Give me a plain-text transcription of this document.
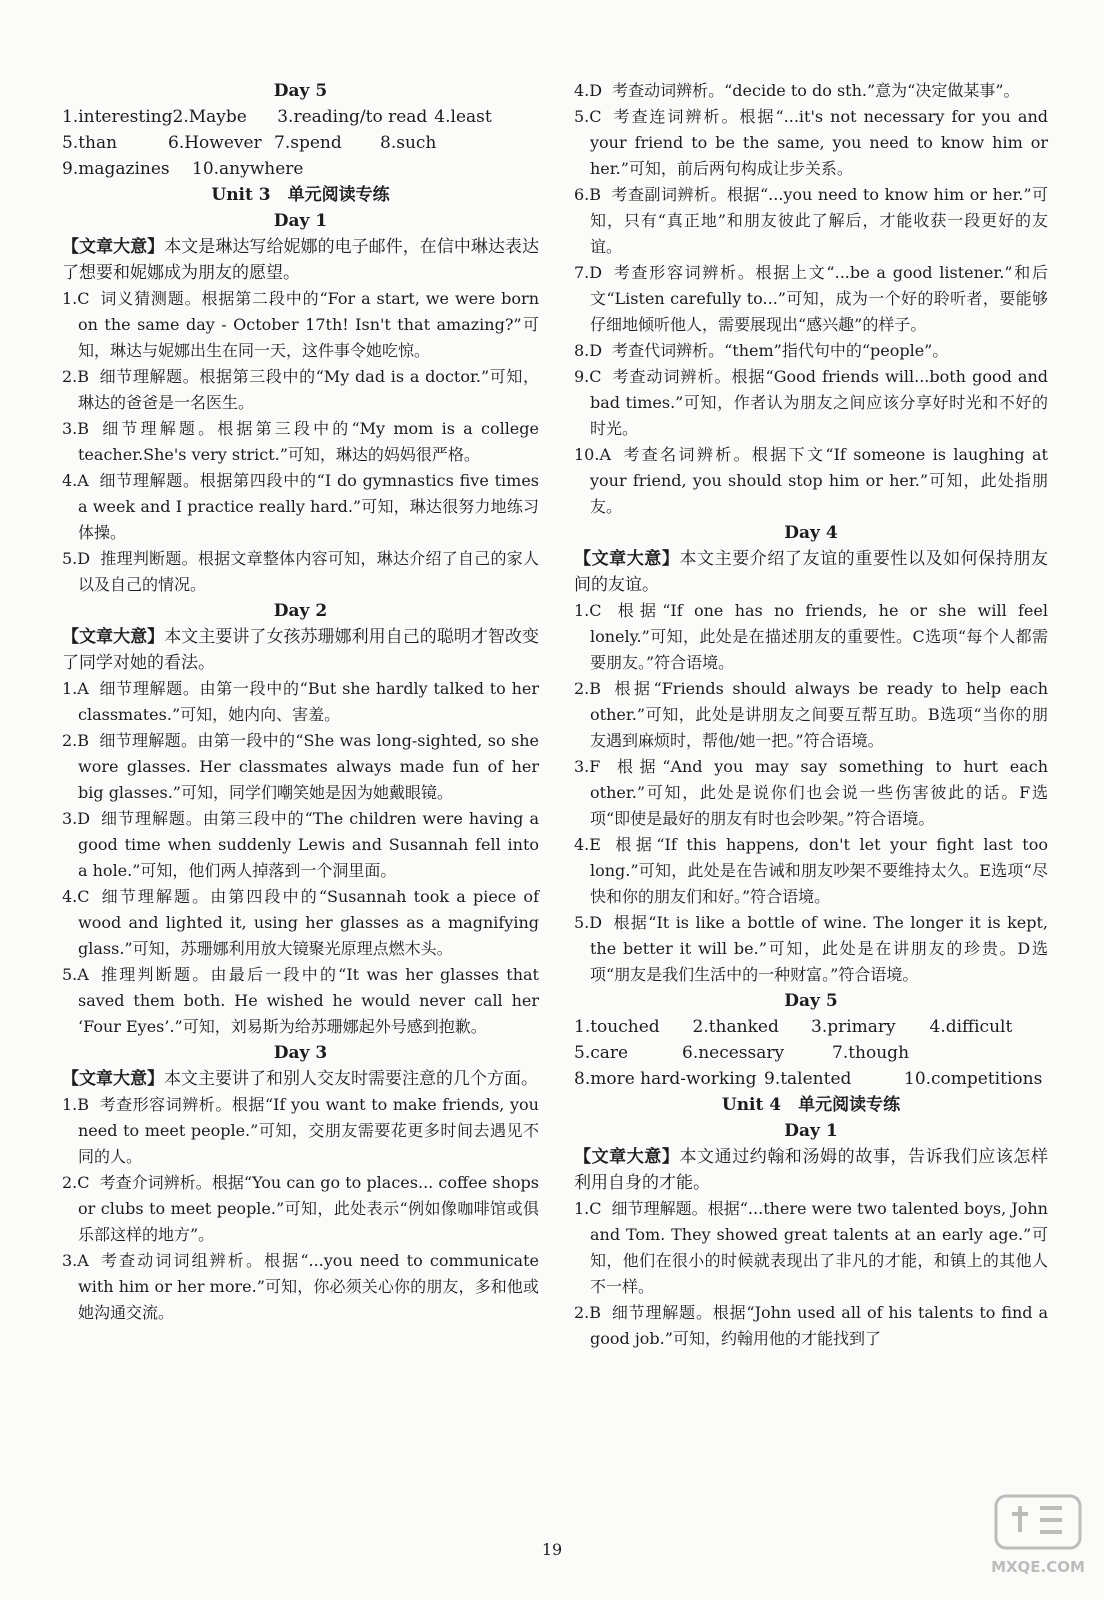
Day 5
1.interesting 2.Maybe	3.reading/to read 4.least
5.than	6.However 7.spend	8.such
9.magazines	10.anywhere
Unit 3　单元阅读专练
Day 1

【文章大意】本文是琳达写给妮娜的电子邮件，在信中琳达表达了想要和妮娜成为朋友的愿望。

1.C 词义猜测题。根据第二段中的“For a start, we were born on the same day - October 17th! Isn't that amazing?”可知，琳达与妮娜出生在同一天，这件事令她吃惊。

2.B 细节理解题。根据第三段中的“My dad is a doctor.”可知，琳达的爸爸是一名医生。

3.B 细节理解题。根据第三段中的“My mom is a college teacher.She's very strict.”可知，琳达的妈妈很严格。

4.A 细节理解题。根据第四段中的“I do gymnastics five times a week and I practice really hard.”可知，琳达很努力地练习体操。

5.D 推理判断题。根据文章整体内容可知，琳达介绍了自己的家人以及自己的情况。

Day 2

【文章大意】本文主要讲了女孩苏珊娜利用自己的聪明才智改变了同学对她的看法。

1.A 细节理解题。由第一段中的“But she hardly talked to her classmates.”可知，她内向、害羞。

2.B 细节理解题。由第一段中的“She was long-sighted, so she wore glasses. Her classmates always made fun of her big glasses.”可知，同学们嘲笑她是因为她戴眼镜。

3.D 细节理解题。由第三段中的“The children were having a good time when suddenly Lewis and Susannah fell into a hole.”可知，他们两人掉落到一个洞里面。

4.C 细节理解题。由第四段中的“Susannah took a piece of wood and lighted it, using her glasses as a magnifying glass.”可知，苏珊娜利用放大镜聚光原理点燃木头。

5.A 推理判断题。由最后一段中的“It was her glasses that saved them both. He wished he would never call her ‘Four Eyes’.”可知，刘易斯为给苏珊娜起外号感到抱歉。

Day 3

【文章大意】本文主要讲了和别人交友时需要注意的几个方面。

1.B 考查形容词辨析。根据“If you want to make friends, you need to meet people.”可知，交朋友需要花更多时间去遇见不同的人。

2.C 考查介词辨析。根据“You can go to places... coffee shops or clubs to meet people.”可知，此处表示“例如像咖啡馆或俱乐部这样的地方”。

3.A 考查动词词组辨析。根据“...you need to communicate with him or her more.”可知，你必须关心你的朋友，多和他或她沟通交流。

4.D 考查动词辨析。“decide to do sth.”意为“决定做某事”。

5.C 考查连词辨析。根据“...it's not necessary for you and your friend to be the same, you need to know him or her.”可知，前后两句构成让步关系。

6.B 考查副词辨析。根据“...you need to know him or her.”可知，只有“真正地”和朋友彼此了解后，才能收获一段更好的友谊。

7.D 考查形容词辨析。根据上文“...be a good listener.”和后文“Listen carefully to...”可知，成为一个好的聆听者，要能够仔细地倾听他人，需要展现出“感兴趣”的样子。

8.D 考查代词辨析。“them”指代句中的“people”。

9.C 考查动词辨析。根据“Good friends will...both good and bad times.”可知，作者认为朋友之间应该分享好时光和不好的时光。

10.A 考查名词辨析。根据下文“If someone is laughing at your friend, you should stop him or her.”可知，此处指朋友。

Day 4

【文章大意】本文主要介绍了友谊的重要性以及如何保持朋友间的友谊。

1.C 根据“If one has no friends, he or she will feel lonely.”可知，此处是在描述朋友的重要性。C选项“每个人都需要朋友。”符合语境。

2.B 根据“Friends should always be ready to help each other.”可知，此处是讲朋友之间要互帮互助。B选项“当你的朋友遇到麻烦时，帮他/她一把。”符合语境。

3.F 根据“And you may say something to hurt each other.”可知，此处是说你们也会说一些伤害彼此的话。F选项“即使是最好的朋友有时也会吵架。”符合语境。

4.E 根据“If this happens, don't let your fight last too long.”可知，此处是在告诫和朋友吵架不要维持太久。E选项“尽快和你的朋友们和好。”符合语境。

5.D 根据“It is like a bottle of wine. The longer it is kept, the better it will be.”可知，此处是在讲朋友的珍贵。D选项“朋友是我们生活中的一种财富。”符合语境。

Day 5
1.touched	2.thanked	3.primary	4.difficult
5.care	6.necessary	7.though
8.more hard-working 9.talented	10.competitions
Unit 4　单元阅读专练
Day 1

【文章大意】本文通过约翰和汤姆的故事，告诉我们应该怎样利用自身的才能。

1.C 细节理解题。根据“...there were two talented boys, John and Tom. They showed great talents at an early age.”可知，他们在很小的时候就表现出了非凡的才能，和镇上的其他人不一样。

2.B 细节理解题。根据“John used all of his talents to find a good job.”可知，约翰用他的才能找到了

19
MXQE.COM
